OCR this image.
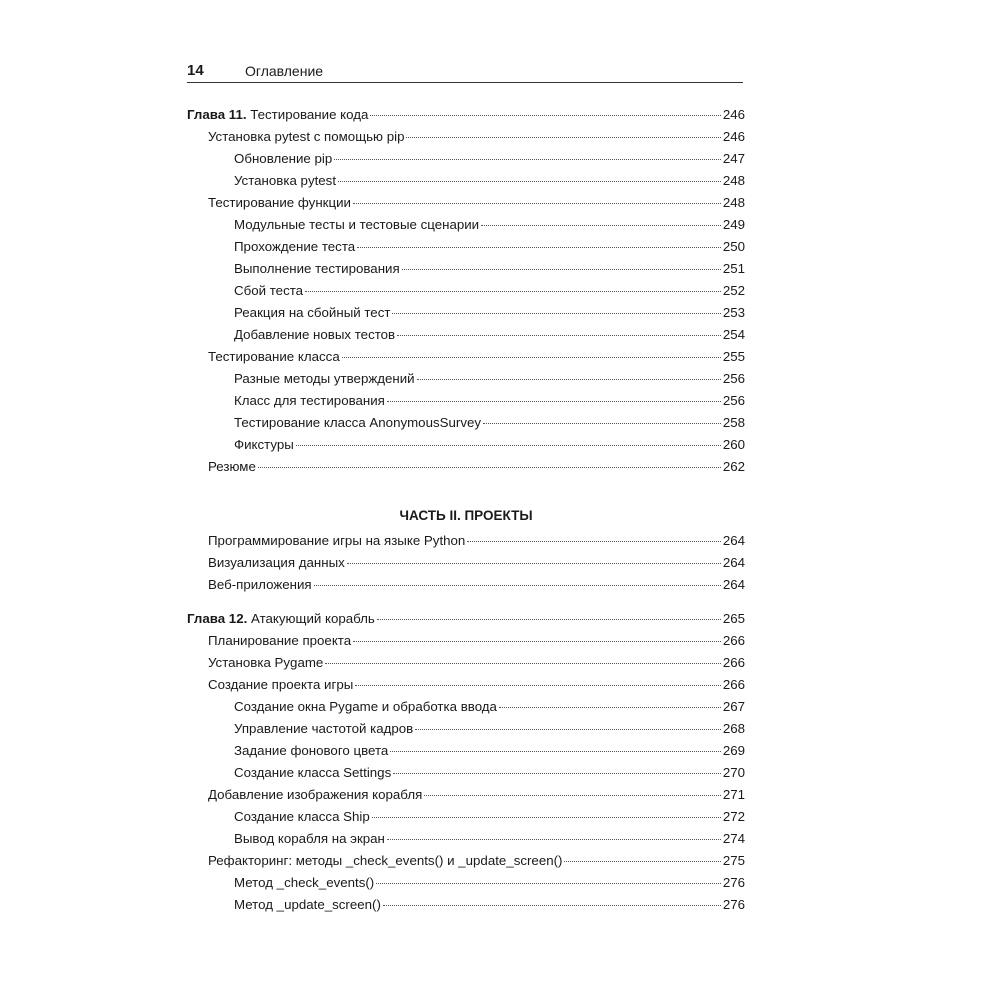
14	Оглавление
Глава 11. Тестирование кода	246
Установка pytest с помощью pip	246
Обновление pip	247
Установка pytest	248
Тестирование функции	248
Модульные тесты и тестовые сценарии	249
Прохождение теста	250
Выполнение тестирования	251
Сбой теста	252
Реакция на сбойный тест	253
Добавление новых тестов	254
Тестирование класса	255
Разные методы утверждений	256
Класс для тестирования	256
Тестирование класса AnonymousSurvey	258
Фикстуры	260
Резюме	262
ЧАСТЬ II. ПРОЕКТЫ
Программирование игры на языке Python	264
Визуализация данных	264
Веб-приложения	264
Глава 12. Атакующий корабль	265
Планирование проекта	266
Установка Pygame	266
Создание проекта игры	266
Создание окна Pygame и обработка ввода	267
Управление частотой кадров	268
Задание фонового цвета	269
Создание класса Settings	270
Добавление изображения корабля	271
Создание класса Ship	272
Вывод корабля на экран	274
Рефакторинг: методы _check_events() и _update_screen()	275
Метод _check_events()	276
Метод _update_screen()	276
